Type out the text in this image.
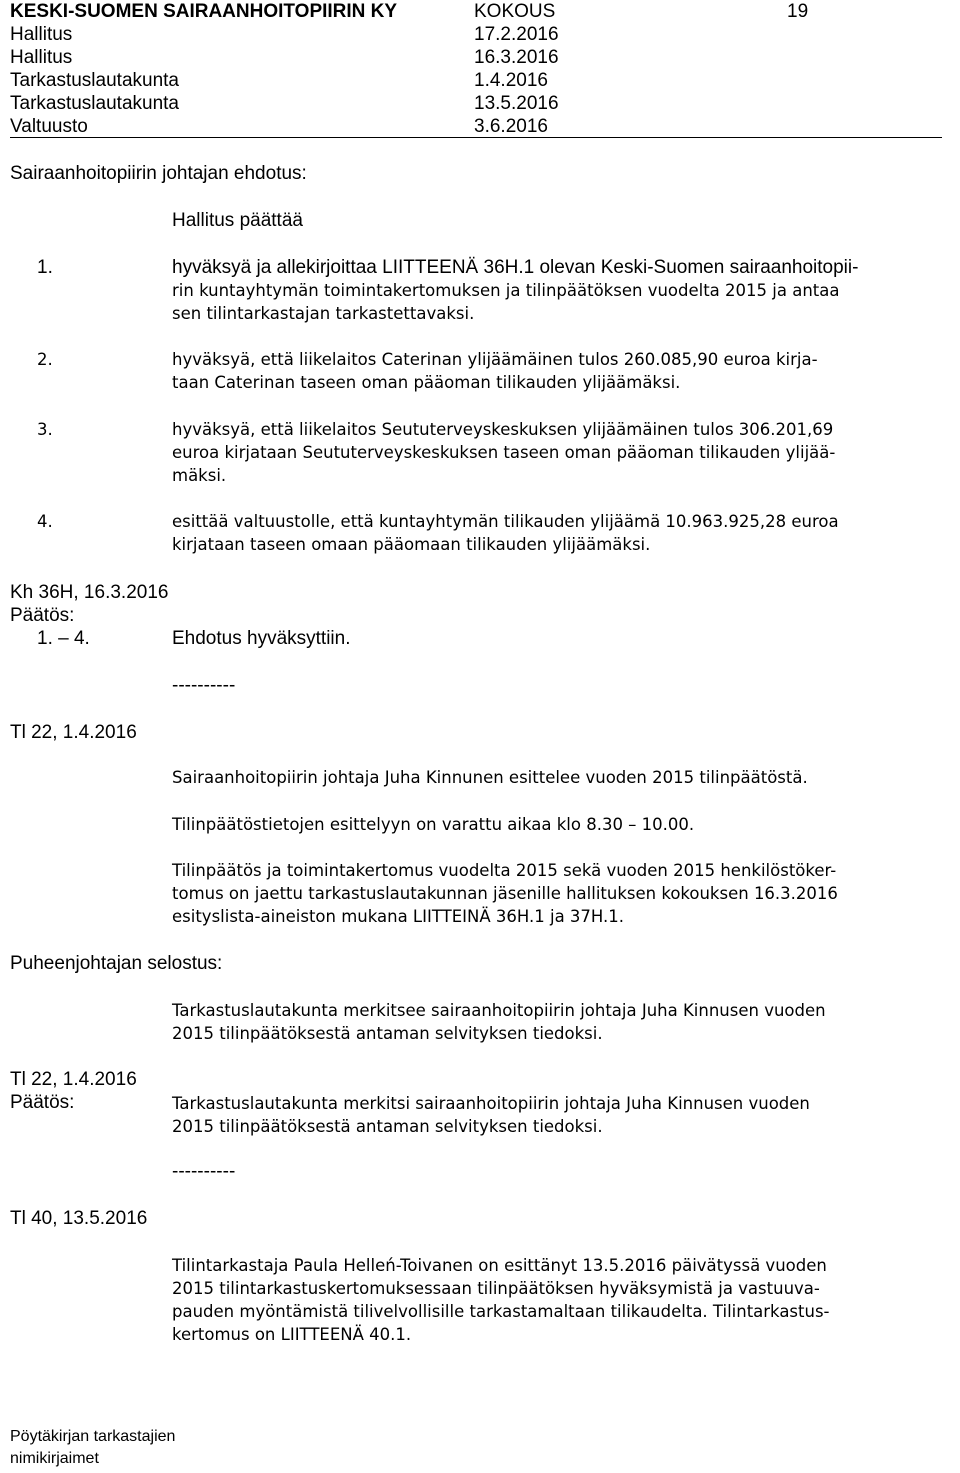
KESKI-SUOMEN SAIRAANHOITOPIIRIN KY	KOKOUS	19
Hallitus	17.2.2016
Hallitus	16.3.2016
Tarkastuslautakunta	1.4.2016
Tarkastuslautakunta	13.5.2016
Valtuusto	3.6.2016
Sairaanhoitopiirin johtajan ehdotus:
Hallitus päättää
1.	hyväksyä ja allekirjoittaa LIITTEENÄ 36H.1 olevan Keski-Suomen sairaanhoitopii-
rin kuntayhtymän toimintakertomuksen ja tilinpäätöksen vuodelta 2015 ja antaa
sen tilintarkastajan tarkastettavaksi.
2.	hyväksyä, että liikelaitos Caterinan ylijäämäinen tulos 260.085,90 euroa kirja-
taan Caterinan taseen oman pääoman tilikauden ylijäämäksi.
3.	hyväksyä, että liikelaitos Seututerveyskeskuksen ylijäämäinen tulos 306.201,69
euroa kirjataan Seututerveyskeskuksen taseen oman pääoman tilikauden ylijää-
mäksi.
4.	esittää valtuustolle, että kuntayhtymän tilikauden ylijäämä 10.963.925,28 euroa
kirjataan taseen omaan pääomaan tilikauden ylijäämäksi.
Kh 36H, 16.3.2016
Päätös:
1. – 4.	Ehdotus hyväksyttiin.
----------
Tl 22, 1.4.2016
Sairaanhoitopiirin johtaja Juha Kinnunen esittelee vuoden 2015 tilinpäätöstä.
Tilinpäätöstietojen esittelyyn on varattu aikaa klo 8.30 – 10.00.
Tilinpäätös ja toimintakertomus vuodelta 2015 sekä vuoden 2015 henkilöstöker-
tomus on jaettu tarkastuslautakunnan jäsenille hallituksen kokouksen 16.3.2016
esityslista-aineiston mukana LIITTEINÄ 36H.1 ja 37H.1.
Puheenjohtajan selostus:
Tarkastuslautakunta merkitsee sairaanhoitopiirin johtaja Juha Kinnusen vuoden
2015 tilinpäätöksestä antaman selvityksen tiedoksi.
Tl 22, 1.4.2016
Päätös:	Tarkastuslautakunta merkitsi sairaanhoitopiirin johtaja Juha Kinnusen vuoden
2015 tilinpäätöksestä antaman selvityksen tiedoksi.
----------
Tl 40, 13.5.2016
Tilintarkastaja Paula Helleń-Toivanen on esittänyt 13.5.2016 päivätyssä vuoden
2015 tilintarkastuskertomuksessaan tilinpäätöksen hyväksymistä ja vastuuva-
pauden myöntämistä tilivelvollisille tarkastamaltaan tilikaudelta. Tilintarkastus-
kertomus on LIITTEENÄ 40.1.
Pöytäkirjan tarkastajien
nimikirjaimet
